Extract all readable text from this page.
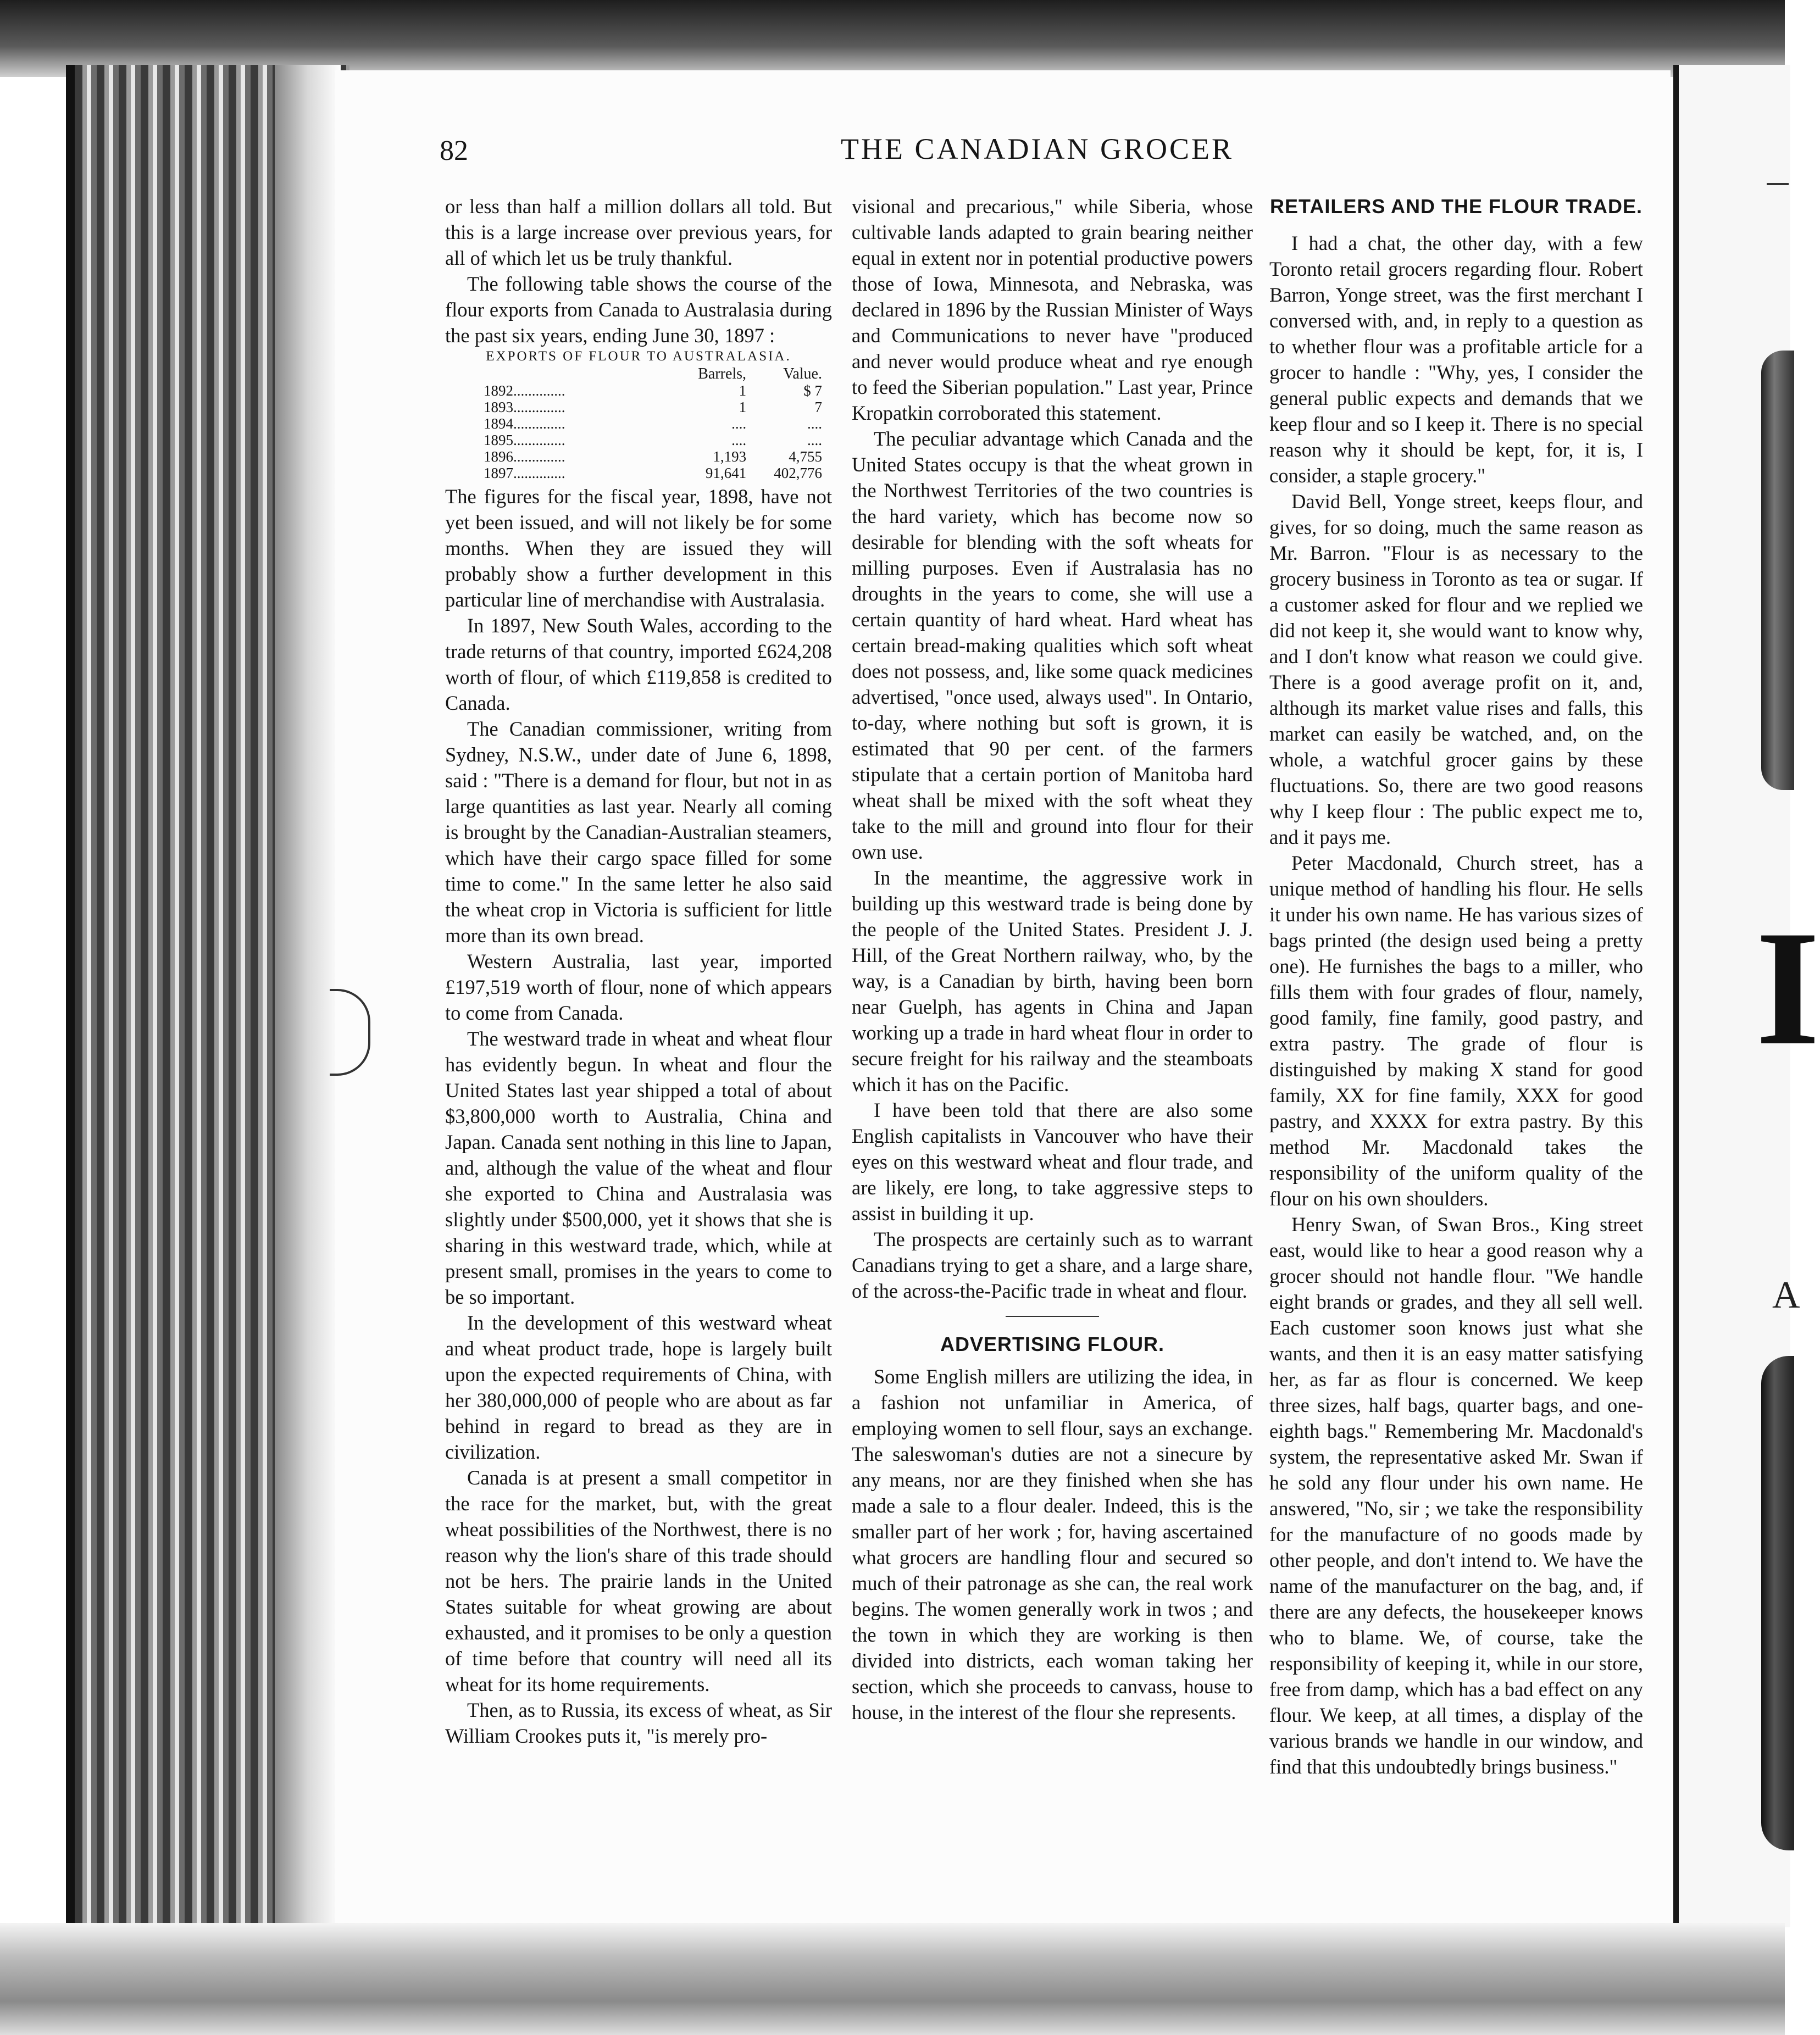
I
A
82	THE CANADIAN GROCER

or less than half a million dollars all told. But this is a large increase over previous years, for all of which let us be truly thankful.

The following table shows the course of the flour exports from Canada to Australasia during the past six years, ending June 30, 1897 :

EXPORTS OF FLOUR TO AUSTRALASIA.
	Barrels,	Value.
1892..............	1	$ 7
1893..............	1	7
1894..............	....	....
1895..............	....	....
1896..............	1,193	4,755
1897..............	91,641	402,776

The figures for the fiscal year, 1898, have not yet been issued, and will not likely be for some months. When they are issued they will probably show a further development in this particular line of merchandise with Australasia.

In 1897, New South Wales, according to the trade returns of that country, imported £624,208 worth of flour, of which £119,858 is credited to Canada.

The Canadian commissioner, writing from Sydney, N.S.W., under date of June 6, 1898, said : "There is a demand for flour, but not in as large quantities as last year. Nearly all coming is brought by the Canadian-Australian steamers, which have their cargo space filled for some time to come." In the same letter he also said the wheat crop in Victoria is sufficient for little more than its own bread.

Western Australia, last year, imported £197,519 worth of flour, none of which appears to come from Canada.

The westward trade in wheat and wheat flour has evidently begun. In wheat and flour the United States last year shipped a total of about $3,800,000 worth to Australia, China and Japan. Canada sent nothing in this line to Japan, and, although the value of the wheat and flour she exported to China and Australasia was slightly under $500,000, yet it shows that she is sharing in this westward trade, which, while at present small, promises in the years to come to be so important.

In the development of this westward wheat and wheat product trade, hope is largely built upon the expected requirements of China, with her 380,000,000 of people who are about as far behind in regard to bread as they are in civilization.

Canada is at present a small competitor in the race for the market, but, with the great wheat possibilities of the Northwest, there is no reason why the lion's share of this trade should not be hers. The prairie lands in the United States suitable for wheat growing are about exhausted, and it promises to be only a question of time before that country will need all its wheat for its home requirements.

Then, as to Russia, its excess of wheat, as Sir William Crookes puts it, "is merely pro-

visional and precarious," while Siberia, whose cultivable lands adapted to grain bearing neither equal in extent nor in potential productive powers those of Iowa, Minnesota, and Nebraska, was declared in 1896 by the Russian Minister of Ways and Communications to never have "produced and never would produce wheat and rye enough to feed the Siberian population." Last year, Prince Kropatkin corroborated this statement.

The peculiar advantage which Canada and the United States occupy is that the wheat grown in the Northwest Territories of the two countries is the hard variety, which has become now so desirable for blending with the soft wheats for milling purposes. Even if Australasia has no droughts in the years to come, she will use a certain quantity of hard wheat. Hard wheat has certain bread-making qualities which soft wheat does not possess, and, like some quack medicines advertised, "once used, always used". In Ontario, to-day, where nothing but soft is grown, it is estimated that 90 per cent. of the farmers stipulate that a certain portion of Manitoba hard wheat shall be mixed with the soft wheat they take to the mill and ground into flour for their own use.

In the meantime, the aggressive work in building up this westward trade is being done by the people of the United States. President J. J. Hill, of the Great Northern railway, who, by the way, is a Canadian by birth, having been born near Guelph, has agents in China and Japan working up a trade in hard wheat flour in order to secure freight for his railway and the steamboats which it has on the Pacific.

I have been told that there are also some English capitalists in Vancouver who have their eyes on this westward wheat and flour trade, and are likely, ere long, to take aggressive steps to assist in building it up.

The prospects are certainly such as to warrant Canadians trying to get a share, and a large share, of the across-the-Pacific trade in wheat and flour.

ADVERTISING FLOUR.

Some English millers are utilizing the idea, in a fashion not unfamiliar in America, of employing women to sell flour, says an exchange. The saleswoman's duties are not a sinecure by any means, nor are they finished when she has made a sale to a flour dealer. Indeed, this is the smaller part of her work ; for, having ascertained what grocers are handling flour and secured so much of their patronage as she can, the real work begins. The women generally work in twos ; and the town in which they are working is then divided into districts, each woman taking her section, which she proceeds to canvass, house to house, in the interest of the flour she represents.

RETAILERS AND THE FLOUR TRADE.

I had a chat, the other day, with a few Toronto retail grocers regarding flour. Robert Barron, Yonge street, was the first merchant I conversed with, and, in reply to a question as to whether flour was a profitable article for a grocer to handle : "Why, yes, I consider the general public expects and demands that we keep flour and so I keep it. There is no special reason why it should be kept, for, it is, I consider, a staple grocery."

David Bell, Yonge street, keeps flour, and gives, for so doing, much the same reason as Mr. Barron. "Flour is as necessary to the grocery business in Toronto as tea or sugar. If a customer asked for flour and we replied we did not keep it, she would want to know why, and I don't know what reason we could give. There is a good average profit on it, and, although its market value rises and falls, this market can easily be watched, and, on the whole, a watchful grocer gains by these fluctuations. So, there are two good reasons why I keep flour : The public expect me to, and it pays me.

Peter Macdonald, Church street, has a unique method of handling his flour. He sells it under his own name. He has various sizes of bags printed (the design used being a pretty one). He furnishes the bags to a miller, who fills them with four grades of flour, namely, good family, fine family, good pastry, and extra pastry. The grade of flour is distinguished by making X stand for good family, XX for fine family, XXX for good pastry, and XXXX for extra pastry. By this method Mr. Macdonald takes the responsibility of the uniform quality of the flour on his own shoulders.

Henry Swan, of Swan Bros., King street east, would like to hear a good reason why a grocer should not handle flour. "We handle eight brands or grades, and they all sell well. Each customer soon knows just what she wants, and then it is an easy matter satisfying her, as far as flour is concerned. We keep three sizes, half bags, quarter bags, and one-eighth bags." Remembering Mr. Macdonald's system, the representative asked Mr. Swan if he sold any flour under his own name. He answered, "No, sir ; we take the responsibility for the manufacture of no goods made by other people, and don't intend to. We have the name of the manufacturer on the bag, and, if there are any defects, the housekeeper knows who to blame. We, of course, take the responsibility of keeping it, while in our store, free from damp, which has a bad effect on any flour. We keep, at all times, a display of the various brands we handle in our window, and find that this undoubtedly brings business."
